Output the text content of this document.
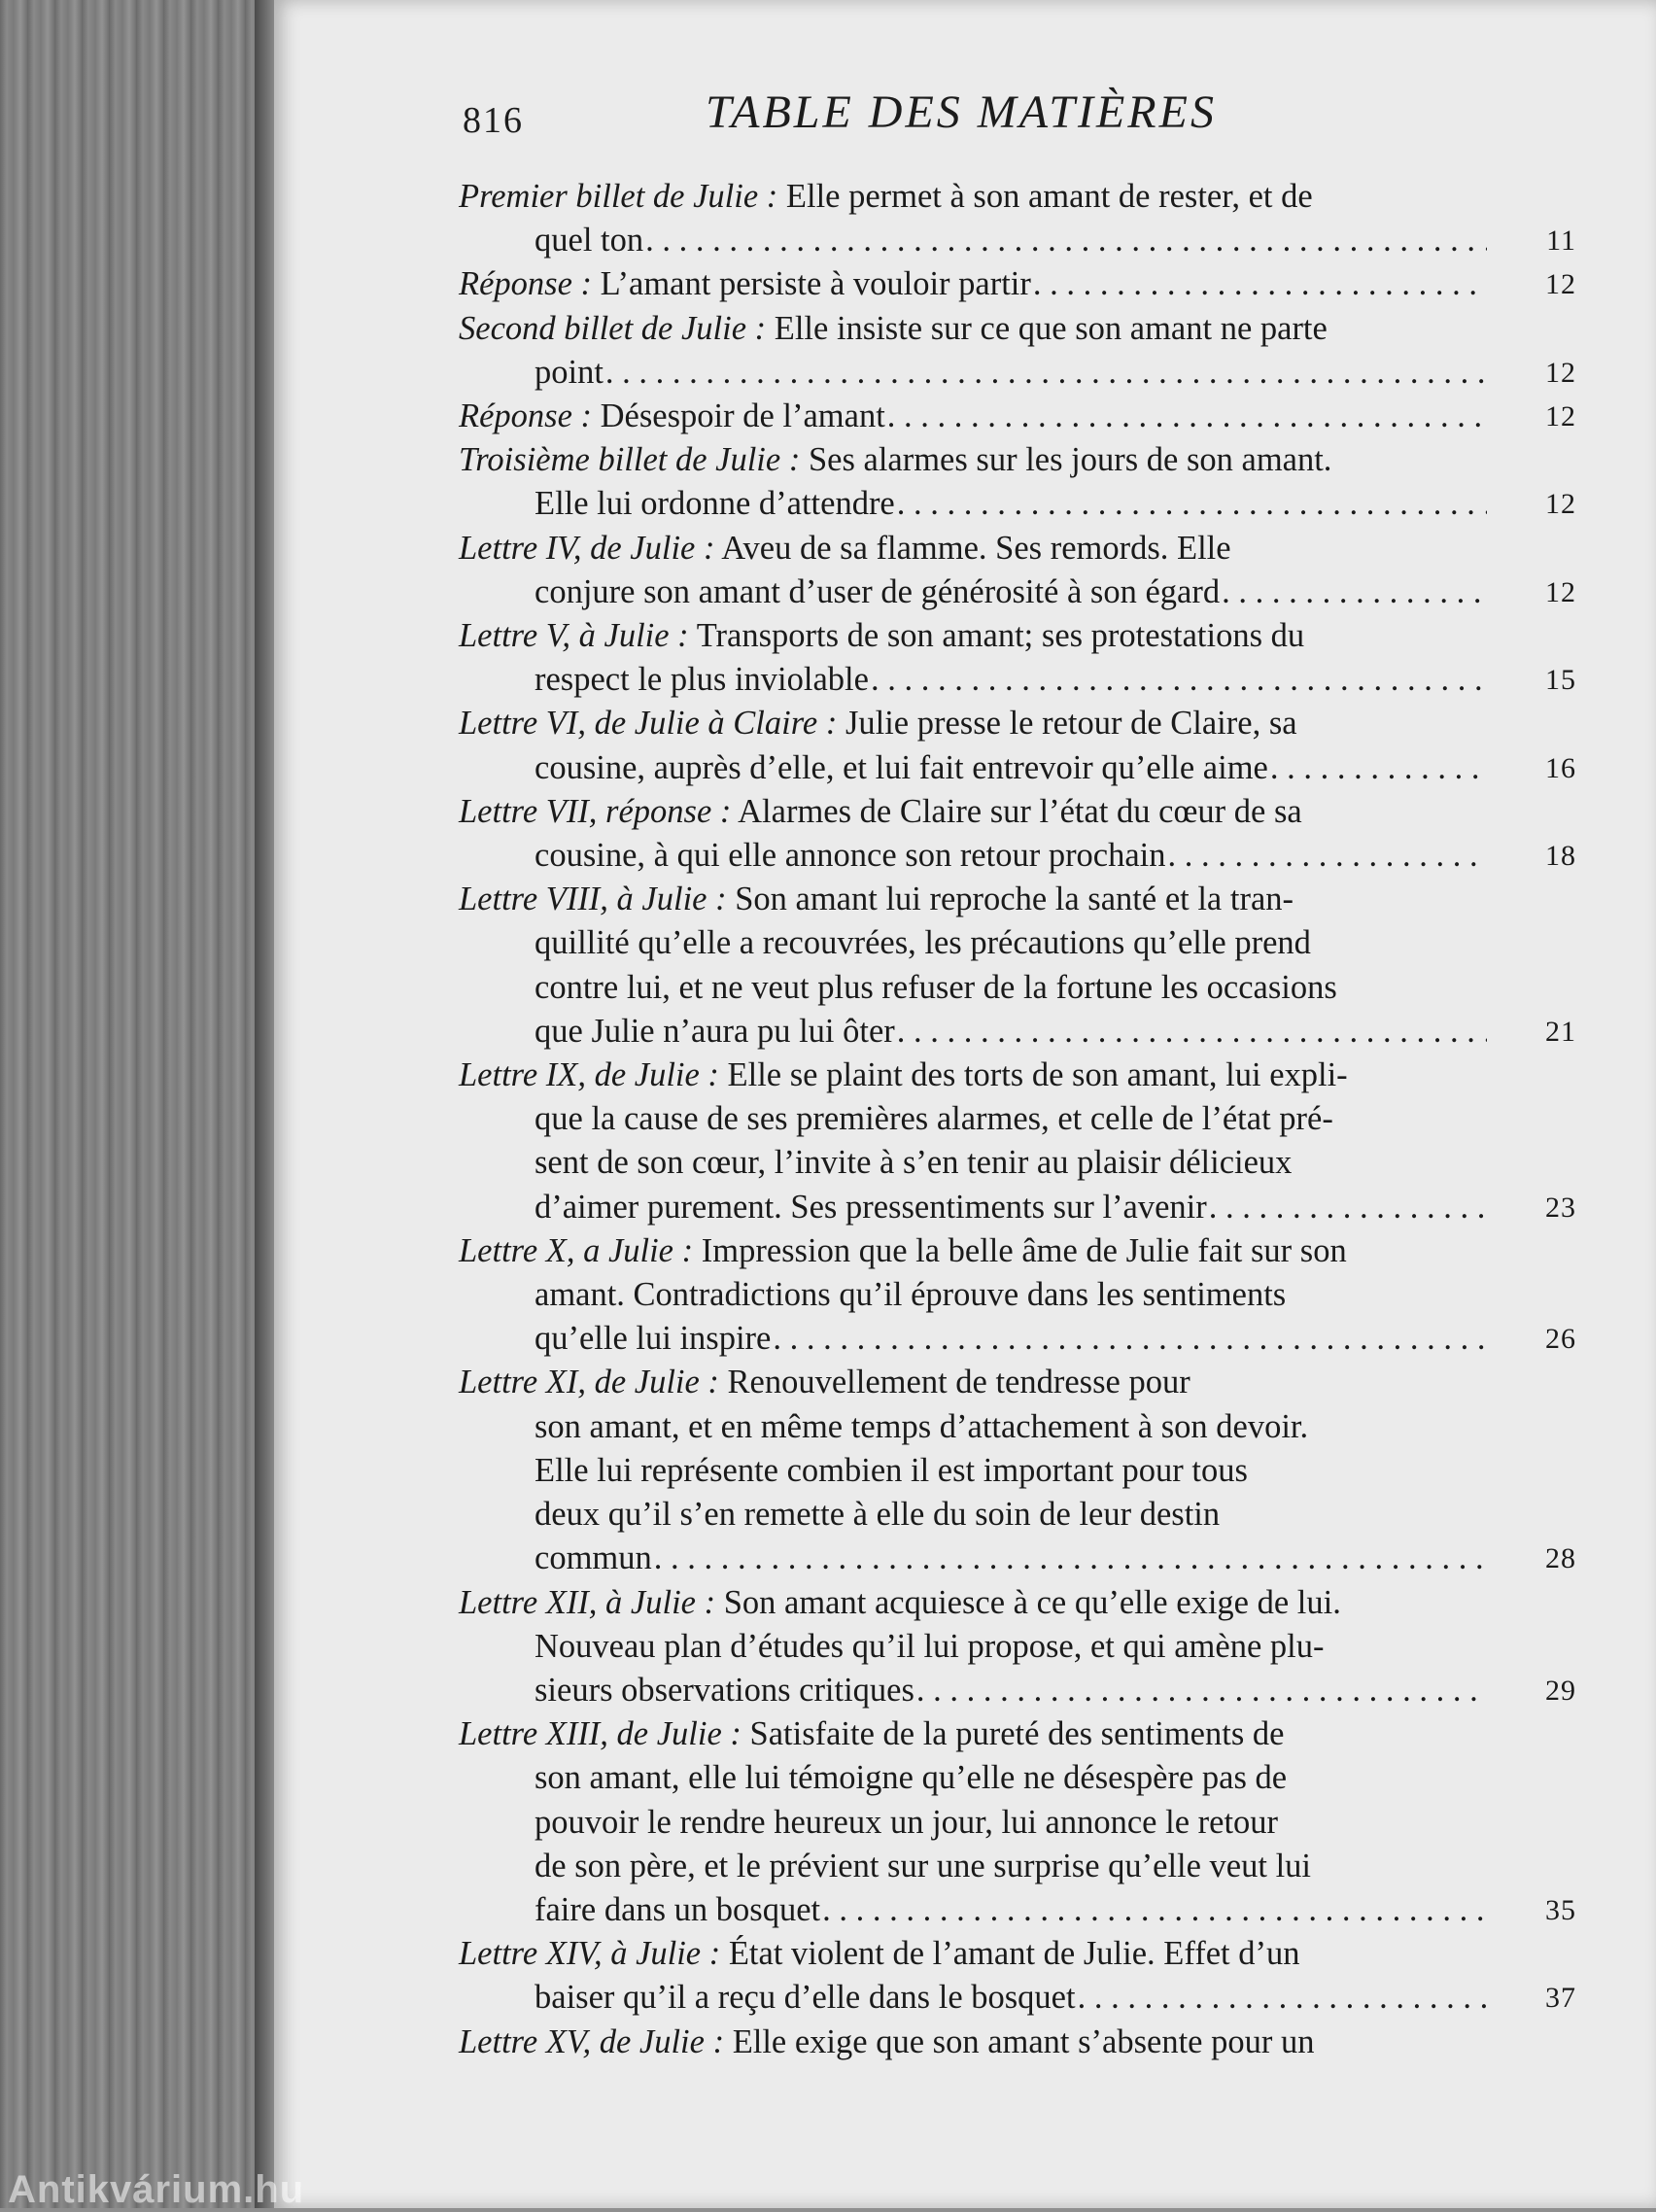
816	TABLE DES MATIÈRES
Premier billet de Julie : Elle permet à son amant de rester, et de
quel ton . . .	11
Réponse :
L’amant persiste à vouloir partir . . .	12
Second billet de Julie : Elle insiste sur ce que son amant ne parte
point . . .	12
Réponse :
Désespoir de l’amant . . .	12
Troisième billet de Julie : Ses alarmes sur les jours de son amant.
Elle lui ordonne d’attendre . . .	12
Lettre IV, de Julie : Aveu de sa flamme. Ses remords. Elle
conjure son amant d’user de générosité à son égard . . .	12
Lettre V, à Julie : Transports de son amant; ses protestations du
respect le plus inviolable . . .	15
Lettre VI, de Julie à Claire : Julie presse le retour de Claire, sa
cousine, auprès d’elle, et lui fait entrevoir qu’elle aime . . .	16
Lettre VII, réponse : Alarmes de Claire sur l’état du cœur de sa
cousine, à qui elle annonce son retour prochain . . .	18
Lettre VIII, à Julie : Son amant lui reproche la santé et la tran-
quillité qu’elle a recouvrées, les précautions qu’elle prend
contre lui, et ne veut plus refuser de la fortune les occasions
que Julie n’aura pu lui ôter . . .	21
Lettre IX, de Julie : Elle se plaint des torts de son amant, lui expli-
que la cause de ses premières alarmes, et celle de l’état pré-
sent de son cœur, l’invite à s’en tenir au plaisir délicieux
d’aimer purement. Ses pressentiments sur l’avenir . . .	23
Lettre X, a Julie : Impression que la belle âme de Julie fait sur son
amant. Contradictions qu’il éprouve dans les sentiments
qu’elle lui inspire . . .	26
Lettre XI, de Julie : Renouvellement de tendresse pour
son amant, et en même temps d’attachement à son devoir.
Elle lui représente combien il est important pour tous
deux qu’il s’en remette à elle du soin de leur destin
commun . . .	28
Lettre XII, à Julie : Son amant acquiesce à ce qu’elle exige de lui.
Nouveau plan d’études qu’il lui propose, et qui amène plu-
sieurs observations critiques . . .	29
Lettre XIII, de Julie : Satisfaite de la pureté des sentiments de
son amant, elle lui témoigne qu’elle ne désespère pas de
pouvoir le rendre heureux un jour, lui annonce le retour
de son père, et le prévient sur une surprise qu’elle veut lui
faire dans un bosquet . . .	35
Lettre XIV, à Julie : État violent de l’amant de Julie. Effet d’un
baiser qu’il a reçu d’elle dans le bosquet . . .	37
Lettre XV, de Julie : Elle exige que son amant s’absente pour un
Antikvárium.hu
